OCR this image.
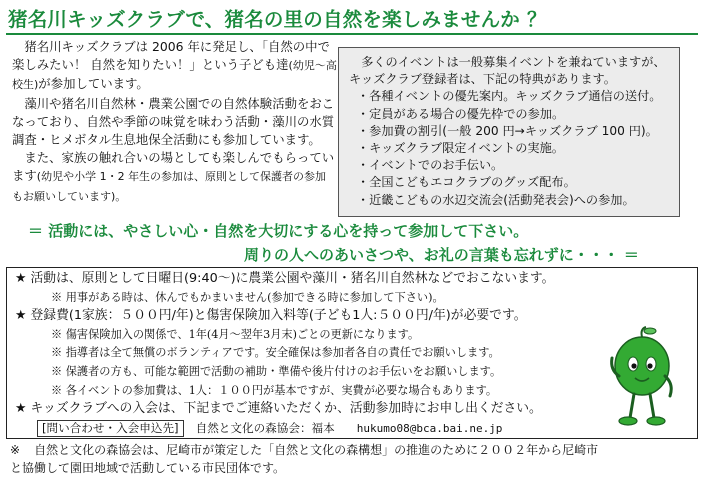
猪名川キッズクラブで、猪名の里の自然を楽しみませんか ？

猪名川キッズクラブは 2006 年に発足し、「自然の中で楽しみたい！ 自然を知りたい！」という子ども達(幼児～高校生)が参加しています。

藻川や猪名川自然林・農業公園での自然体験活動をおこなっており、自然や季節の味覚を味わう活動・藻川の水質調査・ヒメボタル生息地保全活動にも参加しています。

また、家族の触れ合いの場としても楽しんでもらっています(幼児や小学 1・2 年生の参加は、原則として保護者の参加もお願いしています)。

多くのイベントは一般募集イベントを兼ねていますが、キッズクラブ登録者は、下記の特典があります。

・各種イベントの優先案内。キッズクラブ通信の送付。
・定員がある場合の優先枠での参加。
・参加費の割引(一般 200 円→キッズクラブ 100 円)。
・キッズクラブ限定イベントの実施。
・イベントでのお手伝い。
・全国こどもエコクラブのグッズ配布。
・近畿こどもの水辺交流会(活動発表会)への参加。
＝ 活動には、やさしい心・自然を大切にする心を持って参加して下さい。
周りの人へのあいさつや、お礼の言葉も忘れずに・・・ ＝
★ 活動は、原則として日曜日(9:40～)に農業公園や藻川・猪名川自然林などでおこないます。
※ 用事がある時は、休んでもかまいません(参加できる時に参加して下さい)。
★ 登録費(1家族：５００円/年)と傷害保険加入料等(子ども1人:５００円/年)が必要です。
※ 傷害保険加入の関係で、1年(4月～翌年3月末)ごとの更新になります。
※ 指導者は全て無償のボランティアです。安全確保は参加者各自の責任でお願いします。
※ 保護者の方も、可能な範囲で活動の補助・準備や後片付けのお手伝いをお願いします。
※ 各イベントの参加費は、1人：１００円が基本ですが、実費が必要な場合もあります。
★ キッズクラブへの入会は、下記までご連絡いただくか、活動参加時にお申し出ください。
[問い合わせ・入会申込先] 自然と文化の森協会：福本 hukumo08@bca.bai.ne.jp
※ 自然と文化の森協会は、尼崎市が策定した「自然と文化の森構想」の推進のために２００２年から尼崎市
と協働して園田地域で活動している市民団体です。
